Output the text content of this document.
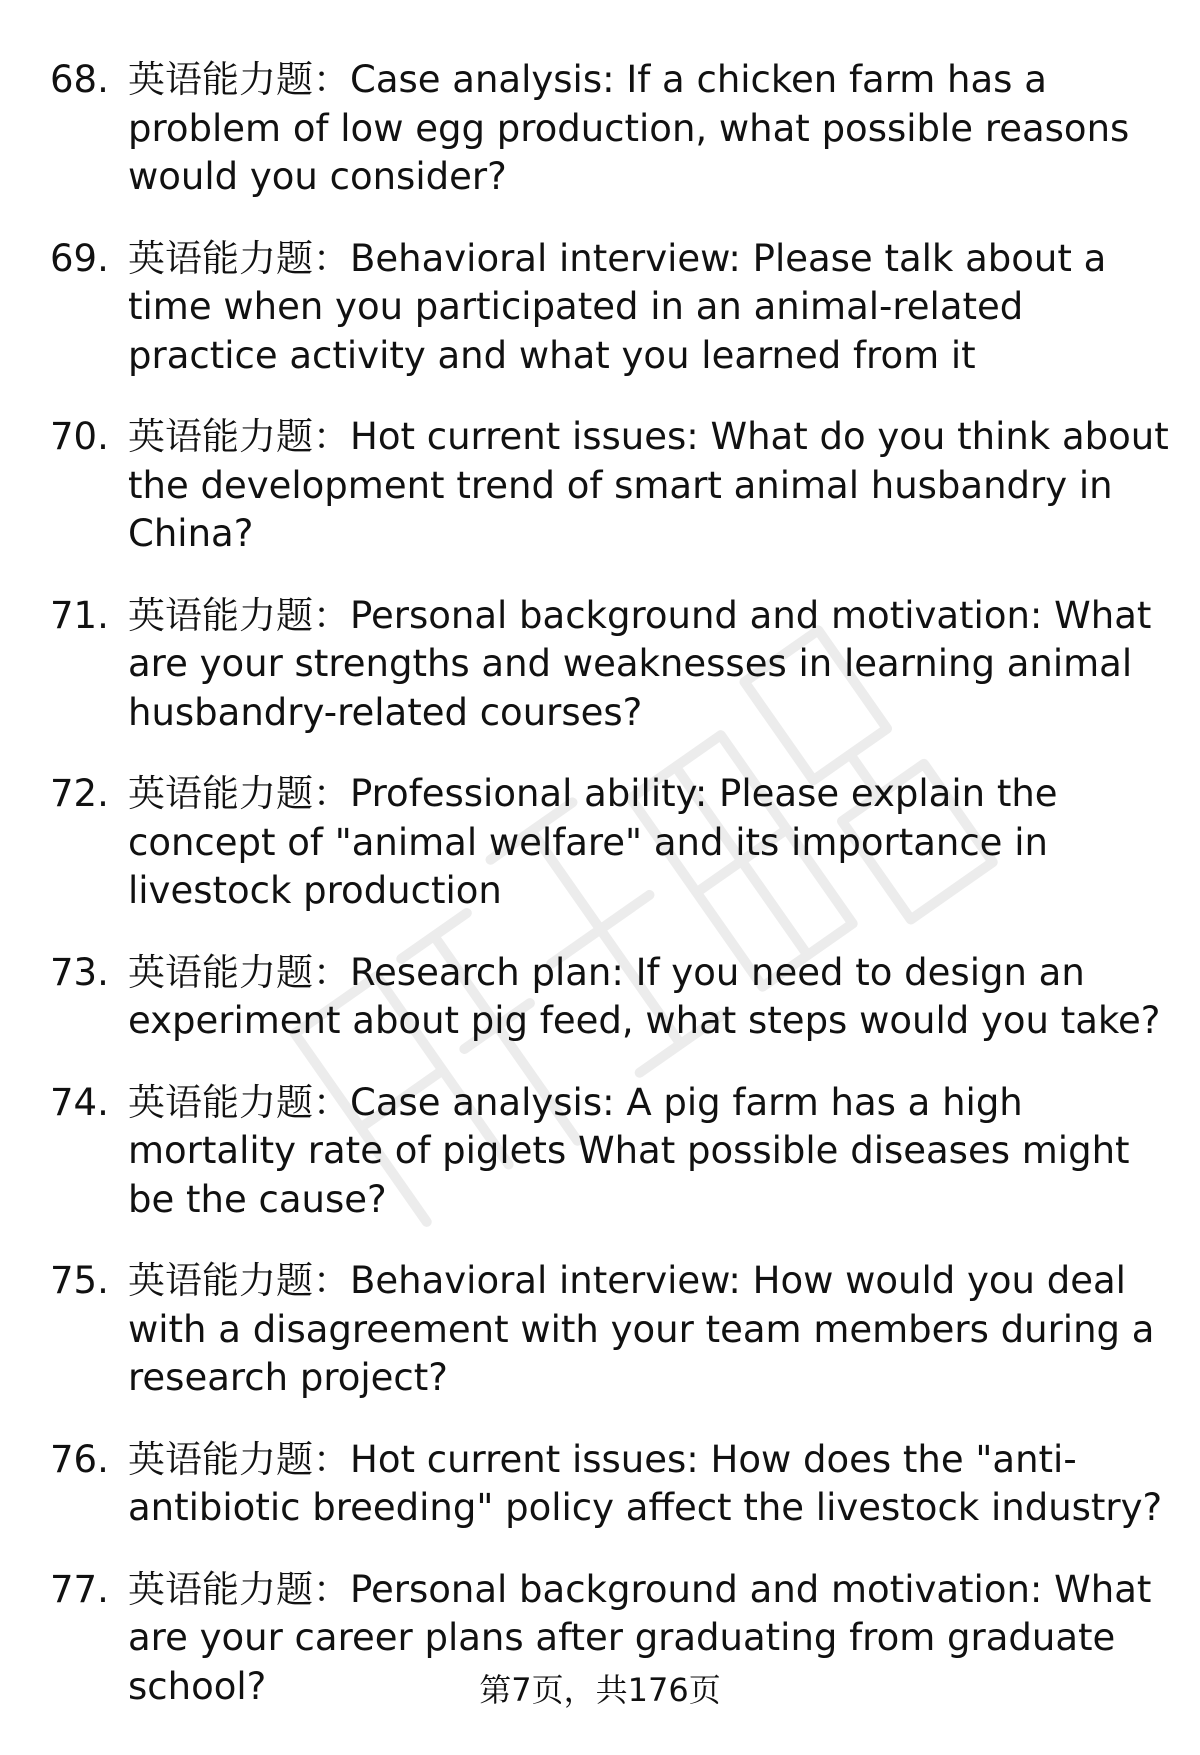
68. 英语能力题：Case analysis: If a chicken farm has a problem of low egg production, what possible reasons would you consider?
69. 英语能力题：Behavioral interview: Please talk about a time when you participated in an animal-related practice activity and what you learned from it
70. 英语能力题：Hot current issues: What do you think about the development trend of smart animal husbandry in China?
71. 英语能力题：Personal background and motivation: What are your strengths and weaknesses in learning animal husbandry-related courses?
72. 英语能力题：Professional ability: Please explain the concept of "animal welfare" and its importance in livestock production
73. 英语能力题：Research plan: If you need to design an experiment about pig feed, what steps would you take?
74. 英语能力题：Case analysis: A pig farm has a high mortality rate of piglets What possible diseases might be the cause?
75. 英语能力题：Behavioral interview: How would you deal with a disagreement with your team members during a research project?
76. 英语能力题：Hot current issues: How does the "anti-antibiotic breeding" policy affect the livestock industry?
77. 英语能力题：Personal background and motivation: What are your career plans after graduating from graduate school?	第7页，共176页
